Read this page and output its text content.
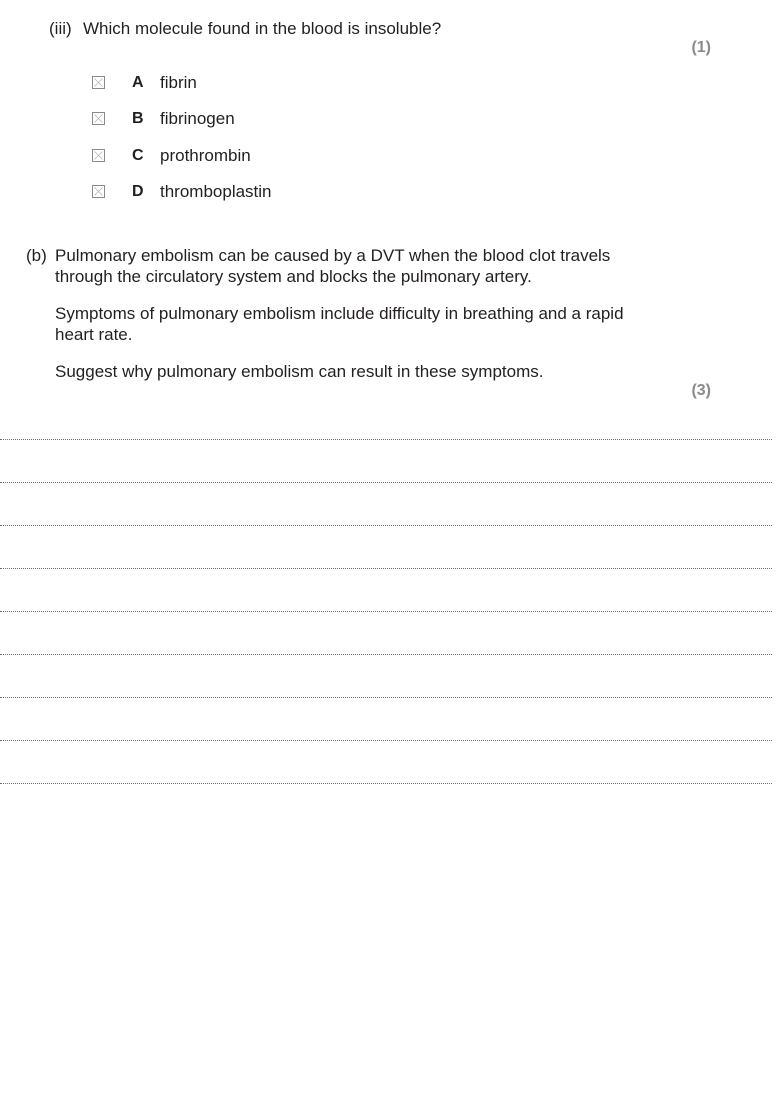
(iii) Which molecule found in the blood is insoluble?
(1)
A fibrin
B fibrinogen
C prothrombin
D thromboplastin
(b) Pulmonary embolism can be caused by a DVT when the blood clot travels
through the circulatory system and blocks the pulmonary artery.
Symptoms of pulmonary embolism include difficulty in breathing and a rapid
heart rate.
Suggest why pulmonary embolism can result in these symptoms.
(3)
